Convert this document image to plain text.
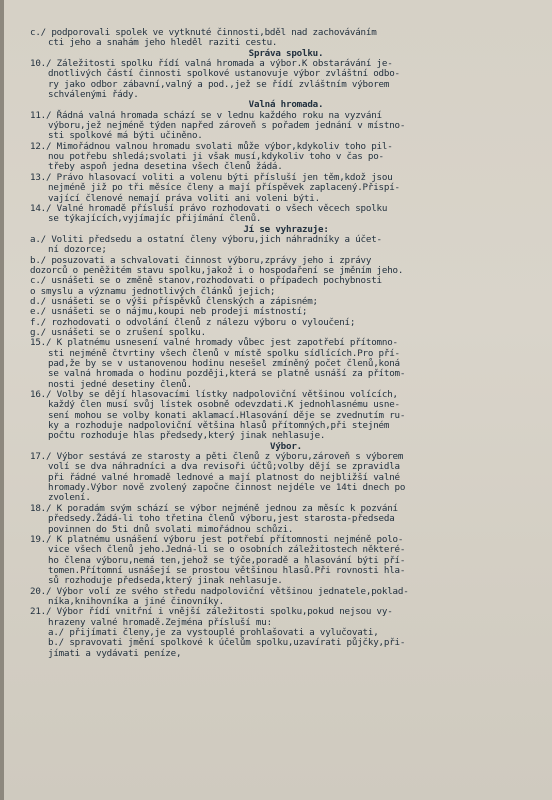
c./ podporovali spolek ve vytknuté činnosti,bděl nad zachováváním
cti jeho a snahám jeho hleděl raziti cestu.
Správa spolku.
10./ Záležitosti spolku řídí valná hromada a výbor.K obstarávání je-
dnotlivých částí činnosti spolkové ustanovuje výbor zvláštní odbo-
ry jako odbor zábavní,valný a pod.,jež se řídí zvláštním výborem
schválenými řády.
Valná hromada.
11./ Řádná valná hromada schází se v lednu každého roku na vyzvání
výboru,jež nejméně týden napřed zároveň s pořadem jednání v místno-
sti spolkové má býti učiněno.
12./ Mimořádnou valnou hromadu svolati může výbor,kdykoliv toho pil-
nou potřebu shledá;svolati ji však musí,kdykoliv toho v čas po-
třeby aspoň jedna desetina všech členů žádá.
13./ Právo hlasovací voliti a volenu býti přísluší jen těm,kdož jsou
nejméně již po tři měsíce členy a mají příspěvek zaplacený.Přispí-
vající členové nemají práva voliti ani voleni býti.
14./ Valné hromadě přísluší právo rozhodovati o všech věcech spolku
se týkajících,vyjímajíc přijímání členů.
Jí se vyhrazuje:
a./ Voliti předsedu a ostatní členy výboru,jich náhradníky a účet-
ní dozorce;
b./ posuzovati a schvalovati činnost výboru,zprávy jeho i zprávy
dozorců o peněžitém stavu spolku,jakož i o hospodaření se jměním jeho.
c./ usnášeti se o změně stanov,rozhodovati o případech pochybnosti
o smyslu a významu jednotlivých článků jejich;
d./ usnášeti se o výši příspěvků členských a zápisném;
e./ usnášeti se o nájmu,koupi neb prodeji místností;
f./ rozhodovati o odvolání členů z nálezu výboru o vyloučení;
g./ usnášeti se o zrušení spolku.
15./ K platnému usnesení valné hromady vůbec jest zapotřebí přítomno-
sti nejméně čtvrtiny všech členů v místě spolku sídlících.Pro pří-
pad,že by se v ustanovenou hodinu nesešel zmíněný počet členů,koná
se valná hromada o hodinu později,která se platně usnáší za přítom-
nosti jedné desetiny členů.
16./ Volby se dějí hlasovacími lístky nadpoloviční většinou volících,
každý člen musí svůj lístek osobně odevzdati.K jednohlasnému usne-
sení mohou se volby konati aklamací.Hlasování děje se zvednutím ru-
ky a rozhoduje nadpoloviční většina hlasů přítomných,při stejném
počtu rozhoduje hlas předsedy,který jinak nehlasuje.
Výbor.
17./ Výbor sestává ze starosty a pěti členů z výboru,zároveň s výborem
volí se dva náhradníci a dva revisoři účtů;volby dějí se zpravidla
při řádné valné hromadě lednové a mají platnost do nejbližší valné
hromady.Výbor nově zvolený započne činnost nejdéle ve 14ti dnech po
zvolení.
18./ K poradám svým schází se výbor nejméně jednou za měsíc k pozvání
předsedy.Žádá-li toho třetina členů výboru,jest starosta-předseda
povinnen do 5ti dnů svolati mimořádnou schůzi.
19./ K platnému usnášení výboru jest potřebí přítomnosti nejméně polo-
vice všech členů jeho.Jedná-li se o osobních záležitostech některé-
ho člena výboru,nemá ten,jehož se týče,poradě a hlasování býti pří-
tomen.Přítomní usnášejí se prostou většinou hlasů.Při rovnosti hla-
sů rozhoduje předseda,který jinak nehlasuje.
20./ Výbor volí ze svého středu nadpoloviční většinou jednatele,poklad-
níka,knihovníka a jiné činovníky.
21./ Výbor řídí vnitřní i vnější záležitosti spolku,pokud nejsou vy-
hrazeny valné hromadě.Zejména přísluší mu:
a./ přijímati členy,je za vystouplé prohlašovati a vylučovati,
b./ spravovati jmění spolkové k účelům spolku,uzavírati půjčky,při-
jímati a vydávati peníze,
